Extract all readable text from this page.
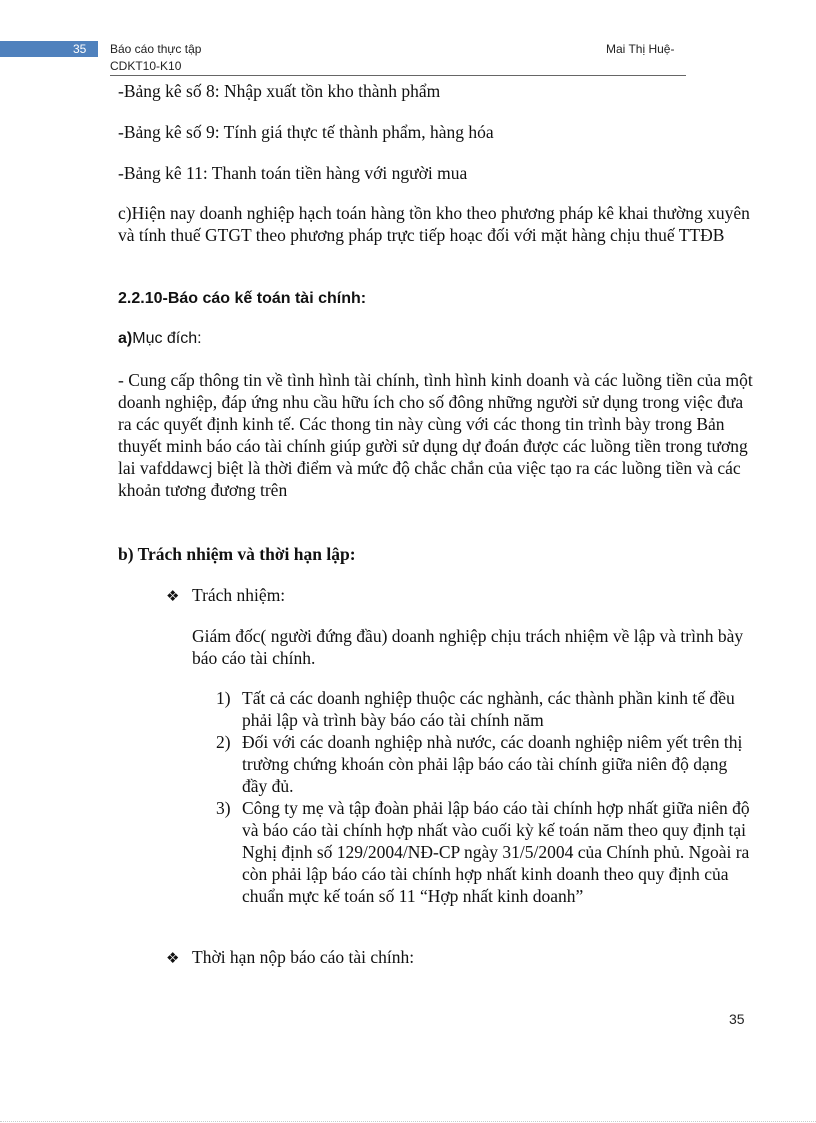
35 Báo cáo thực tập
CDKT10-K10
Mai Thị Huệ-
-Bảng kê số 8: Nhập xuất tồn kho thành phẩm
-Bảng kê số 9: Tính giá thực tế thành phẩm, hàng hóa
-Bảng kê 11: Thanh toán tiền hàng với người mua
c)Hiện nay doanh nghiệp hạch toán hàng tồn kho theo phương pháp kê khai thường xuyên và tính thuế GTGT theo phương pháp trực tiếp hoạc đối với mặt hàng chịu thuế TTĐB
2.2.10-Báo cáo kế toán tài chính:
a)Mục đích:
- Cung cấp thông tin về tình hình tài chính, tình hình kinh doanh và các luồng tiền của một doanh nghiệp, đáp ứng nhu cầu hữu ích cho số đông những người sử dụng trong việc đưa ra các quyết định kinh tế. Các thong tin này cùng với các thong tin trình bày trong Bản thuyết minh báo cáo tài chính giúp gười sử dụng dự đoán được các luồng tiền trong tương lai vafddawcj biệt là thời điểm và mức độ chắc chắn của việc tạo ra các luồng tiền và các khoản tương đương trên
b) Trách nhiệm và thời hạn lập:
❖ Trách nhiệm:
Giám đốc( người đứng đầu) doanh nghiệp chịu trách nhiệm về lập và trình bày báo cáo tài chính.
1) Tất cả các doanh nghiệp thuộc các nghành, các thành phần kinh tế đều phải lập và trình bày báo cáo tài chính năm
2) Đối với các doanh nghiệp nhà nước, các doanh nghiệp niêm yết trên thị trường chứng khoán còn phải lập báo cáo tài chính giữa niên độ dạng đầy đủ.
3) Công ty mẹ và tập đoàn phải lập báo cáo tài chính hợp nhất giữa niên độ và báo cáo tài chính hợp nhất vào cuối kỳ kế toán năm theo quy định tại Nghị định số 129/2004/NĐ-CP ngày 31/5/2004 của Chính phủ. Ngoài ra còn phải lập báo cáo tài chính hợp nhất kinh doanh theo quy định của chuẩn mực kế toán số 11 “Hợp nhất kinh doanh”
❖ Thời hạn nộp báo cáo tài chính:
35
